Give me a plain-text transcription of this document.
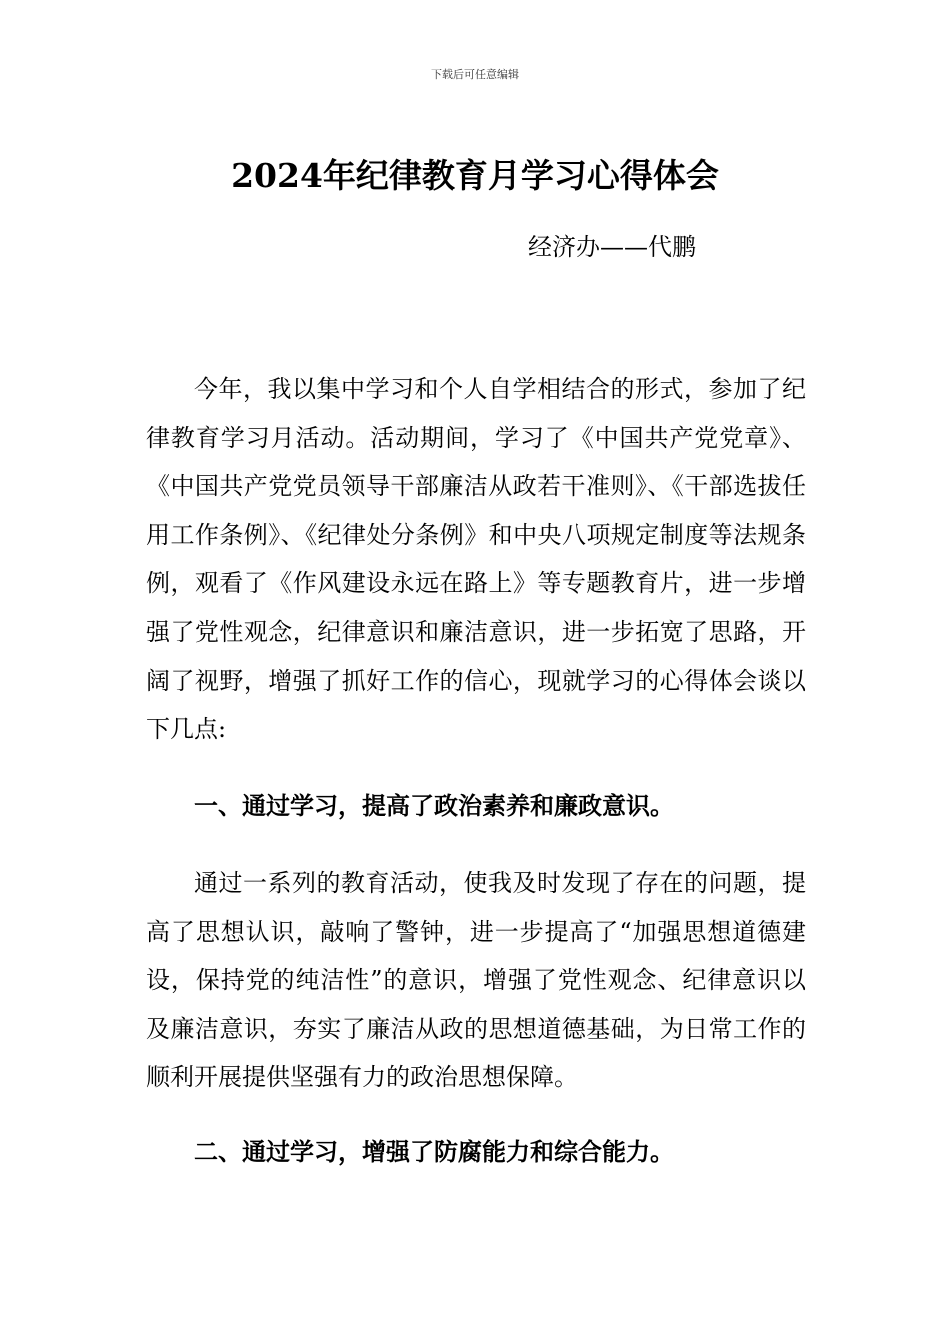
下载后可任意编辑
2024年纪律教育月学习心得体会

经济办——代鹏

今年，我以集中学习和个人自学相结合的形式，参加了纪律教育学习月活动。活动期间，学习了《中国共产党党章》、《中国共产党党员领导干部廉洁从政若干准则》、《干部选拔任用工作条例》、《纪律处分条例》和中央八项规定制度等法规条例，观看了《作风建设永远在路上》等专题教育片，进一步增强了党性观念，纪律意识和廉洁意识，进一步拓宽了思路，开阔了视野，增强了抓好工作的信心，现就学习的心得体会谈以下几点:

一、通过学习，提高了政治素养和廉政意识。

通过一系列的教育活动，使我及时发现了存在的问题，提高了思想认识，敲响了警钟，进一步提高了“加强思想道德建设，保持党的纯洁性”的意识，增强了党性观念、纪律意识以及廉洁意识，夯实了廉洁从政的思想道德基础，为日常工作的顺利开展提供坚强有力的政治思想保障。

二、通过学习，增强了防腐能力和综合能力。
